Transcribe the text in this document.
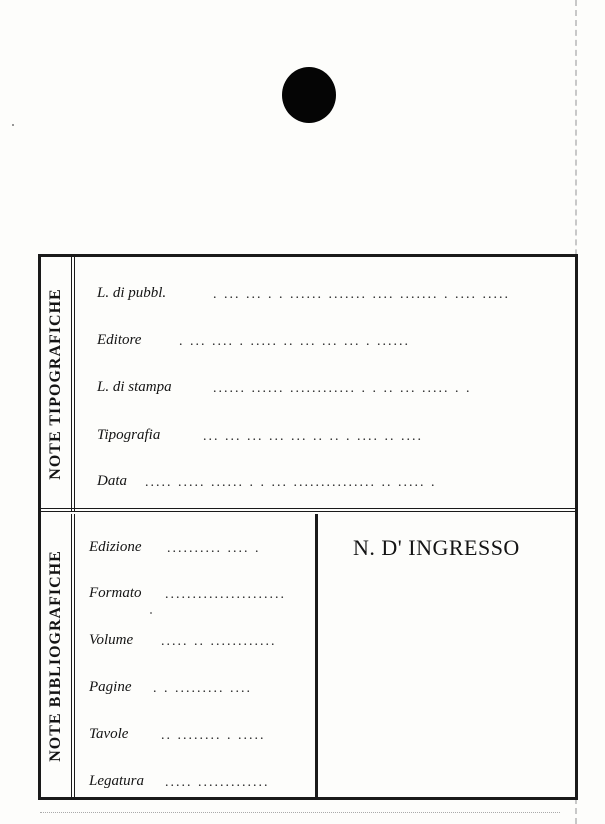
NOTE TIPOGRAFICHE
NOTE BIBLIOGRAFICHE
L. di pubbl.	. ... ... . . ...... ....... .... ....... . .... .....
Editore	. ... .... . ..... .. ... ... ... . ......
L. di stampa	...... ...... ............ . . .. ... ..... . .
Tipografia	... ... ... ... ... .. .. . .... .. ....
Data ..... ..... ...... . . ... ............... .. ..... .
Edizione .......... .... .
Formato ......................
Volume ..... .. ............
Pagine . . ......... ....
Tavole .. ........ . .....
Legatura ..... .............
N. D' INGRESSO
